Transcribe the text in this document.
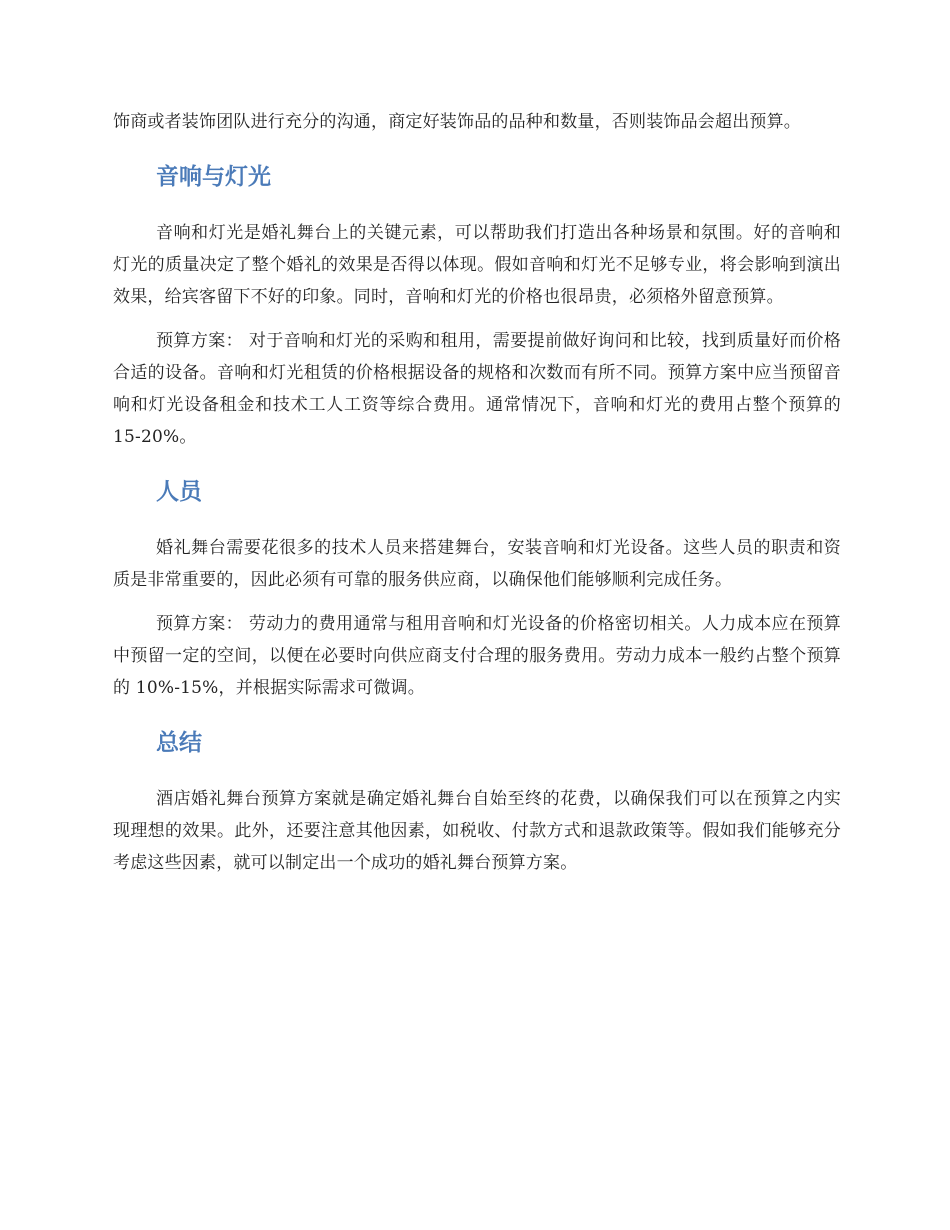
饰商或者装饰团队进行充分的沟通，商定好装饰品的品种和数量，否则装饰品会超出预算。

音响与灯光

音响和灯光是婚礼舞台上的关键元素，可以帮助我们打造出各种场景和氛围。好的音响和灯光的质量决定了整个婚礼的效果是否得以体现。假如音响和灯光不足够专业，将会影响到演出效果，给宾客留下不好的印象。同时，音响和灯光的价格也很昂贵，必须格外留意预算。

预算方案： 对于音响和灯光的采购和租用，需要提前做好询问和比较，找到质量好而价格合适的设备。音响和灯光租赁的价格根据设备的规格和次数而有所不同。预算方案中应当预留音响和灯光设备租金和技术工人工资等综合费用。通常情况下，音响和灯光的费用占整个预算的 15-20%。

人员

婚礼舞台需要花很多的技术人员来搭建舞台，安装音响和灯光设备。这些人员的职责和资质是非常重要的，因此必须有可靠的服务供应商，以确保他们能够顺利完成任务。

预算方案： 劳动力的费用通常与租用音响和灯光设备的价格密切相关。人力成本应在预算中预留一定的空间，以便在必要时向供应商支付合理的服务费用。劳动力成本一般约占整个预算的 10%-15%，并根据实际需求可微调。

总结

酒店婚礼舞台预算方案就是确定婚礼舞台自始至终的花费，以确保我们可以在预算之内实现理想的效果。此外，还要注意其他因素，如税收、付款方式和退款政策等。假如我们能够充分考虑这些因素，就可以制定出一个成功的婚礼舞台预算方案。
